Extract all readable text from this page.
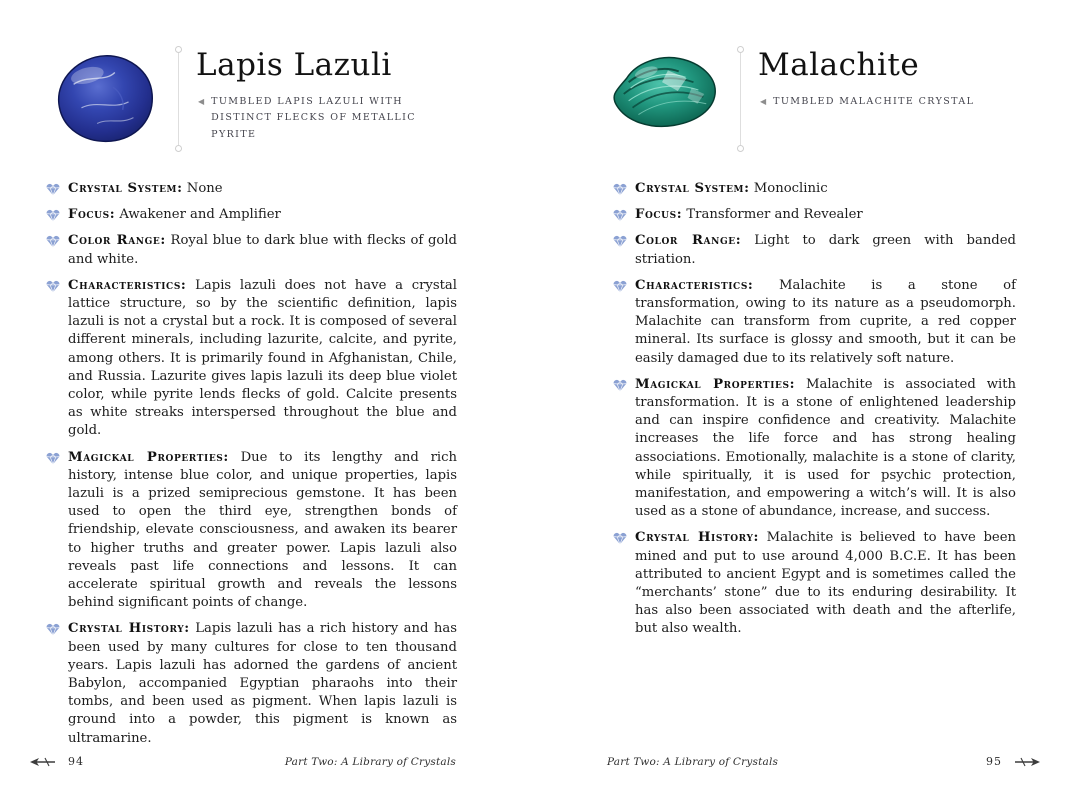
Lapis Lazuli

◀ TUMBLED LAPIS LAZULI WITH DISTINCT FLECKS OF METALLIC PYRITE

Crystal System: None

Focus: Awakener and Amplifier

Color Range: Royal blue to dark blue with flecks of gold and white.

Characteristics: Lapis lazuli does not have a crystal lattice structure, so by the scientific definition, lapis lazuli is not a crystal but a rock. It is composed of several different minerals, including lazurite, calcite, and pyrite, among others. It is primarily found in Afghanistan, Chile, and Russia. Lazurite gives lapis lazuli its deep blue violet color, while pyrite lends flecks of gold. Calcite presents as white streaks interspersed throughout the blue and gold.

Magickal Properties: Due to its lengthy and rich history, intense blue color, and unique properties, lapis lazuli is a prized semiprecious gemstone. It has been used to open the third eye, strengthen bonds of friendship, elevate consciousness, and awaken its bearer to higher truths and greater power. Lapis lazuli also reveals past life connections and lessons. It can accelerate spiritual growth and reveals the lessons behind significant points of change.

Crystal History: Lapis lazuli has a rich history and has been used by many cultures for close to ten thousand years. Lapis lazuli has adorned the gardens of ancient Babylon, accompanied Egyptian pharaohs into their tombs, and been used as pigment. When lapis lazuli is ground into a powder, this pigment is known as ultramarine.

94	Part Two: A Library of Crystals
Malachite

◀ TUMBLED MALACHITE CRYSTAL

Crystal System: Monoclinic

Focus: Transformer and Revealer

Color Range: Light to dark green with banded striation.

Characteristics: Malachite is a stone of transformation, owing to its nature as a pseudomorph. Malachite can transform from cuprite, a red copper mineral. Its surface is glossy and smooth, but it can be easily damaged due to its relatively soft nature.

Magickal Properties: Malachite is associated with transformation. It is a stone of enlightened leadership and can inspire confidence and creativity. Malachite increases the life force and has strong healing associations. Emotionally, malachite is a stone of clarity, while spiritually, it is used for psychic protection, manifestation, and empowering a witch’s will. It is also used as a stone of abundance, increase, and success.

Crystal History: Malachite is believed to have been mined and put to use around 4,000 B.C.E. It has been attributed to ancient Egypt and is sometimes called the “merchants’ stone” due to its enduring desirability. It has also been associated with death and the afterlife, but also wealth.

Part Two: A Library of Crystals	95
